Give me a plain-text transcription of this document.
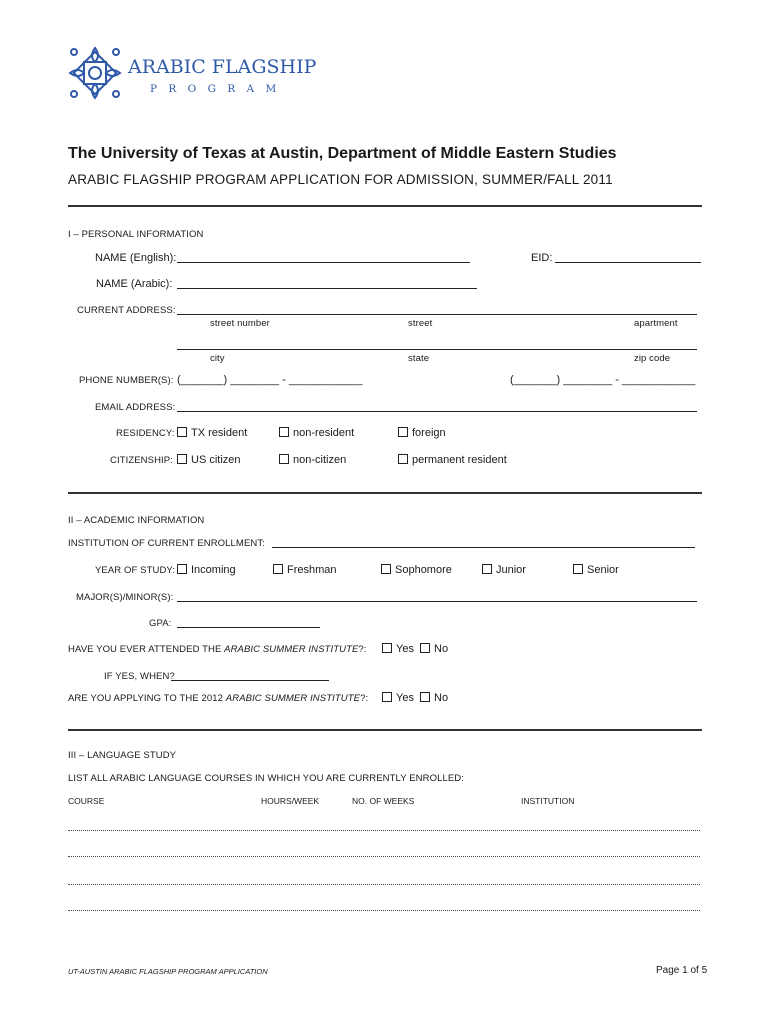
ARABIC FLAGSHIP
P R O G R A M
The University of Texas at Austin, Department of Middle Eastern Studies
ARABIC FLAGSHIP PROGRAM APPLICATION FOR ADMISSION, SUMMER/FALL 2011
I – PERSONAL INFORMATION
NAME (English):	EID:
NAME (Arabic):
CURRENT ADDRESS:
street number	street	apartment
city	state	zip code
PHONE NUMBER(S): (_______) ________ - ____________	(_______) ________ - ____________
EMAIL ADDRESS:
RESIDENCY:	TX resident	non-resident	foreign
CITIZENSHIP:	US citizen	non-citizen	permanent resident
II – ACADEMIC INFORMATION
INSTITUTION OF CURRENT ENROLLMENT:
YEAR OF STUDY:	Incoming	Freshman	Sophomore	Junior	Senior
MAJOR(S)/MINOR(S):
GPA:
HAVE YOU EVER ATTENDED THE ARABIC SUMMER INSTITUTE?:	Yes	No
IF YES, WHEN?
ARE YOU APPLYING TO THE 2012 ARABIC SUMMER INSTITUTE?:	Yes	No
III – LANGUAGE STUDY
LIST ALL ARABIC LANGUAGE COURSES IN WHICH YOU ARE CURRENTLY ENROLLED:
COURSE	HOURS/WEEK	NO. OF WEEKS	INSTITUTION
UT-AUSTIN ARABIC FLAGSHIP PROGRAM APPLICATION	Page 1 of 5
